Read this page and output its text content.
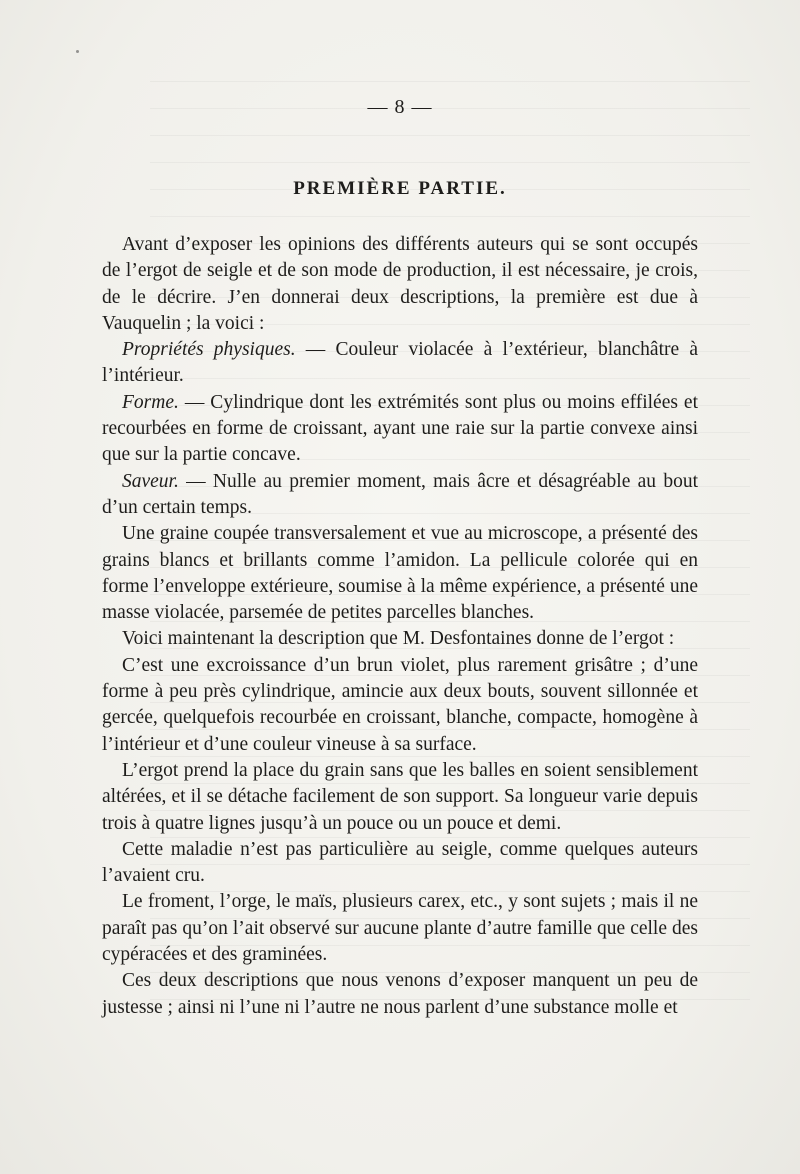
— 8 —
PREMIÈRE PARTIE.

Avant d’exposer les opinions des différents auteurs qui se sont occupés de l’ergot de seigle et de son mode de production, il est nécessaire, je crois, de le décrire. J’en donnerai deux descriptions, la première est due à Vauquelin ; la voici :

Propriétés physiques. — Couleur violacée à l’extérieur, blanchâtre à l’intérieur.

Forme. — Cylindrique dont les extrémités sont plus ou moins effilées et recourbées en forme de croissant, ayant une raie sur la partie convexe ainsi que sur la partie concave.

Saveur. — Nulle au premier moment, mais âcre et désagréable au bout d’un certain temps.

Une graine coupée transversalement et vue au microscope, a présenté des grains blancs et brillants comme l’amidon. La pellicule colorée qui en forme l’enveloppe extérieure, soumise à la même expérience, a présenté une masse violacée, parsemée de petites parcelles blanches.

Voici maintenant la description que M. Desfontaines donne de l’ergot :

C’est une excroissance d’un brun violet, plus rarement grisâtre ; d’une forme à peu près cylindrique, amincie aux deux bouts, souvent sillonnée et gercée, quelquefois recourbée en croissant, blanche, compacte, homogène à l’intérieur et d’une couleur vineuse à sa surface.

L’ergot prend la place du grain sans que les balles en soient sensiblement altérées, et il se détache facilement de son support. Sa longueur varie depuis trois à quatre lignes jusqu’à un pouce ou un pouce et demi.

Cette maladie n’est pas particulière au seigle, comme quelques auteurs l’avaient cru.

Le froment, l’orge, le maïs, plusieurs carex, etc., y sont sujets ; mais il ne paraît pas qu’on l’ait observé sur aucune plante d’autre famille que celle des cypéracées et des graminées.

Ces deux descriptions que nous venons d’exposer manquent un peu de justesse ; ainsi ni l’une ni l’autre ne nous parlent d’une substance molle et
